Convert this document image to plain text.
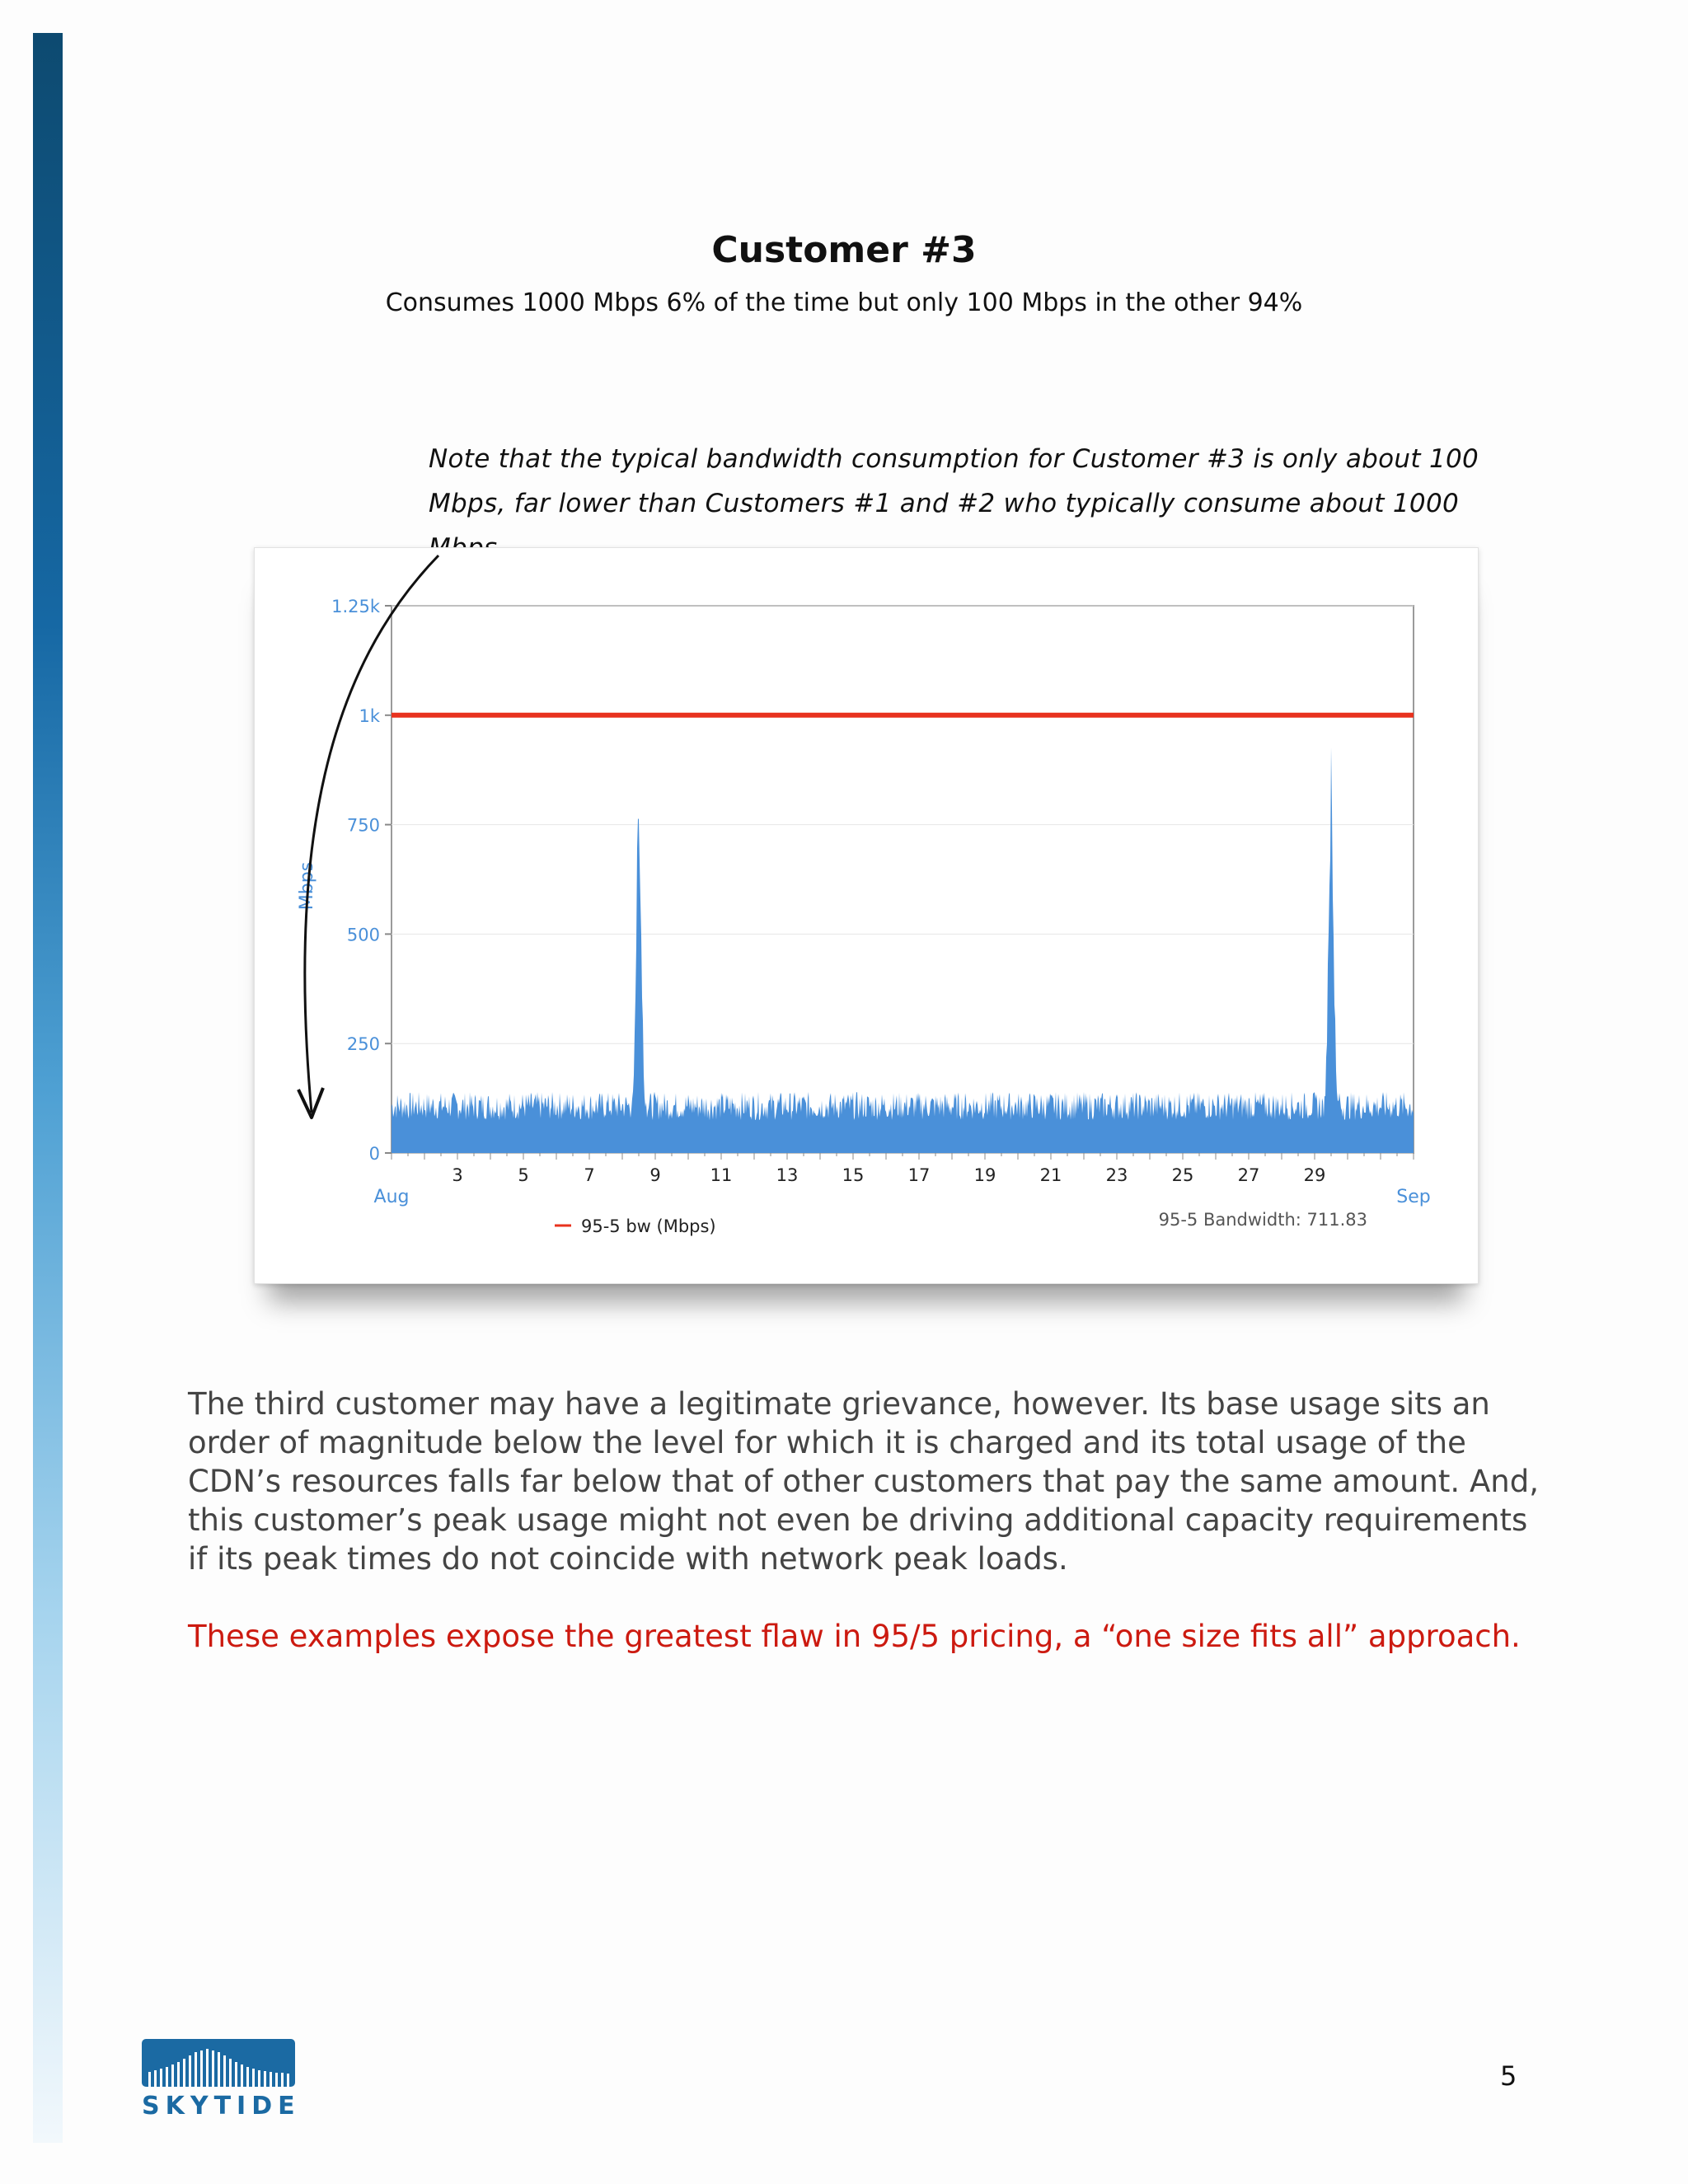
Customer #3
Consumes 1000 Mbps 6% of the time but only 100 Mbps in the other 94%
Note that the typical bandwidth consumption for Customer #3 is only about 100 Mbps, far lower than Customers #1 and #2 who typically consume about 1000
0
250
500
750
1k
1.25k
3	5	7	9	11	13	15	17	19	21	23	25	27	29
Mbps
Aug	Sep
95-5 bw (Mbps)	95-5 Bandwidth: 711.83
The third customer may have a legitimate grievance, however. Its base usage sits an order of magnitude below the level for which it is charged and its total usage of the CDN’s resources falls far below that of other customers that pay the same amount. And, this customer’s peak usage might not even be driving additional capacity requirements if its peak times do not coincide with network peak loads.
These examples expose the greatest flaw in 95/5 pricing, a “one size fits all” approach.
SKYTIDE
5
